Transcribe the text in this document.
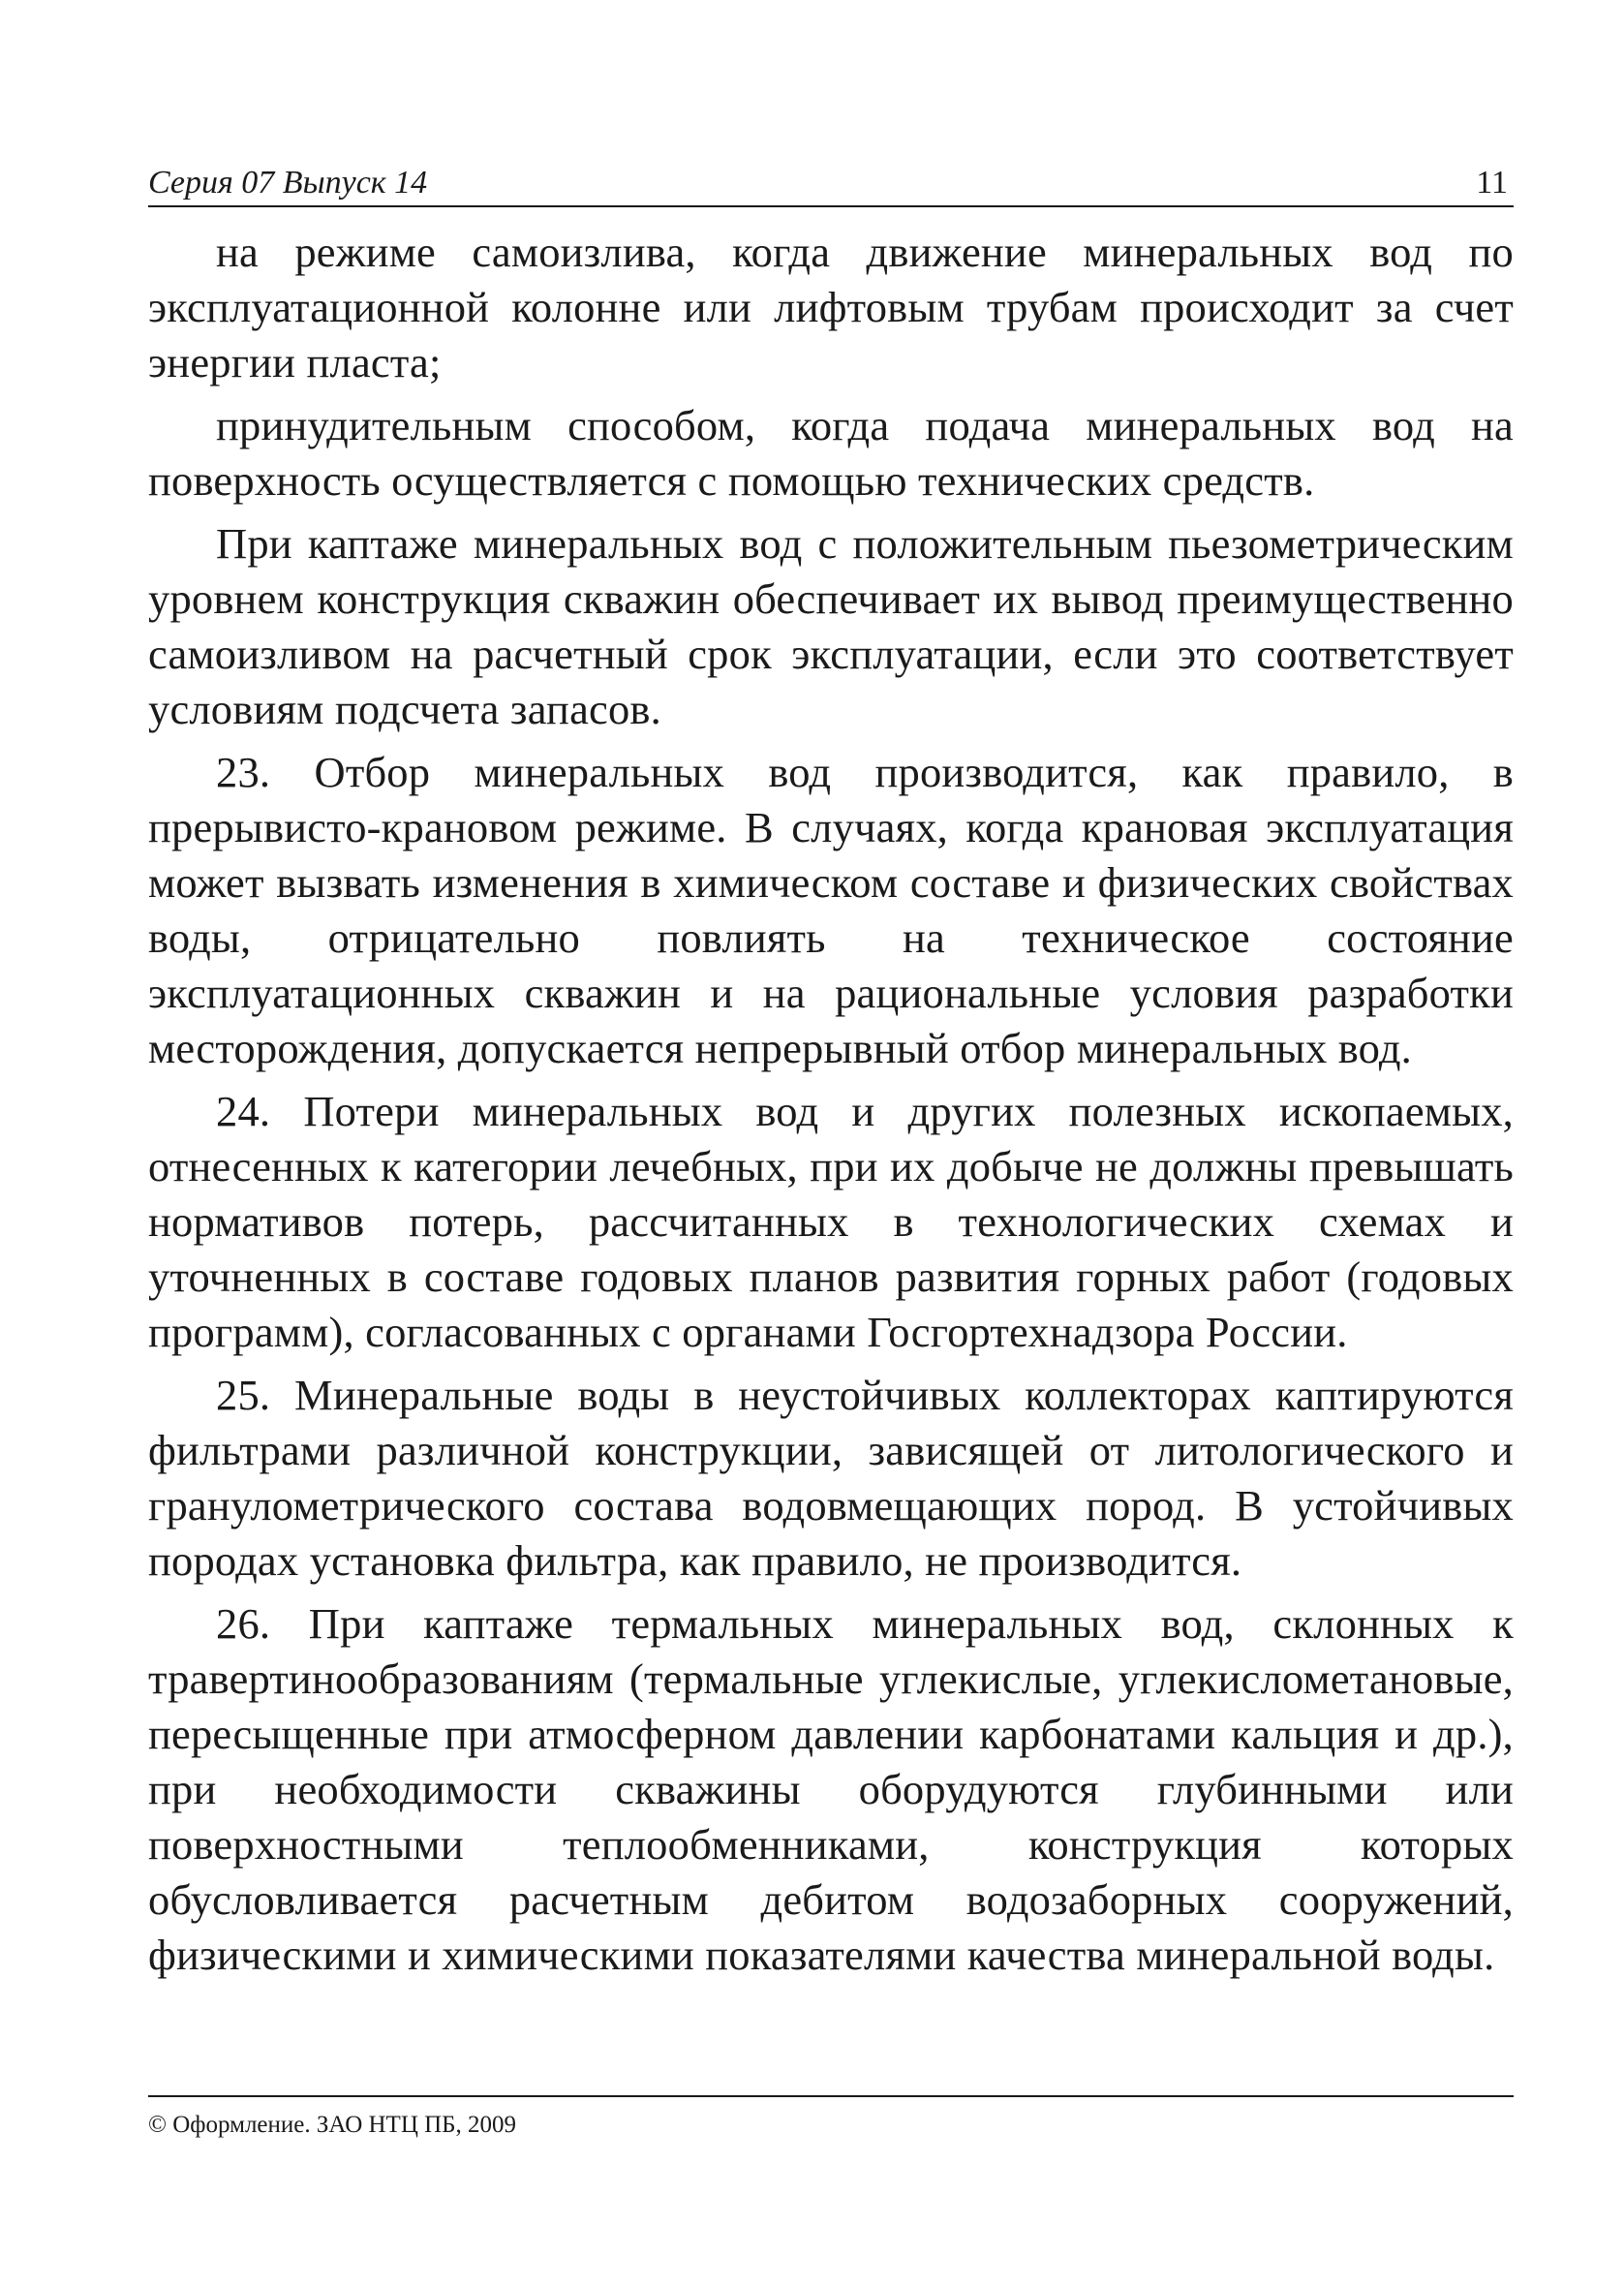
Серия 07 Выпуск 14	11

на режиме самоизлива, когда движение минеральных вод по эксплуатационной колонне или лифтовым трубам происходит за счет энергии пласта;

принудительным способом, когда подача минеральных вод на поверхность осуществляется с помощью технических средств.

При каптаже минеральных вод с положительным пьезометрическим уровнем конструкция скважин обеспечивает их вывод преимущественно самоизливом на расчетный срок эксплуатации, если это соответствует условиям подсчета запасов.

23. Отбор минеральных вод производится, как правило, в прерывисто-крановом режиме. В случаях, когда крановая эксплуатация может вызвать изменения в химическом составе и физических свойствах воды, отрицательно повлиять на техническое состояние эксплуатационных скважин и на рациональные условия разработки месторождения, допускается непрерывный отбор минеральных вод.

24. Потери минеральных вод и других полезных ископаемых, отнесенных к категории лечебных, при их добыче не должны превышать нормативов потерь, рассчитанных в технологических схемах и уточненных в составе годовых планов развития горных работ (годовых программ), согласованных с органами Госгортехнадзора России.

25. Минеральные воды в неустойчивых коллекторах каптируются фильтрами различной конструкции, зависящей от литологического и гранулометрического состава водовмещающих пород. В устойчивых породах установка фильтра, как правило, не производится.

26. При каптаже термальных минеральных вод, склонных к травертинообразованиям (термальные углекислые, углекислометановые, пересыщенные при атмосферном давлении карбонатами кальция и др.), при необходимости скважины оборудуются глубинными или поверхностными теплообменниками, конструкция которых обусловливается расчетным дебитом водозаборных сооружений, физическими и химическими показателями качества минеральной воды.

© Оформление. ЗАО НТЦ ПБ, 2009
